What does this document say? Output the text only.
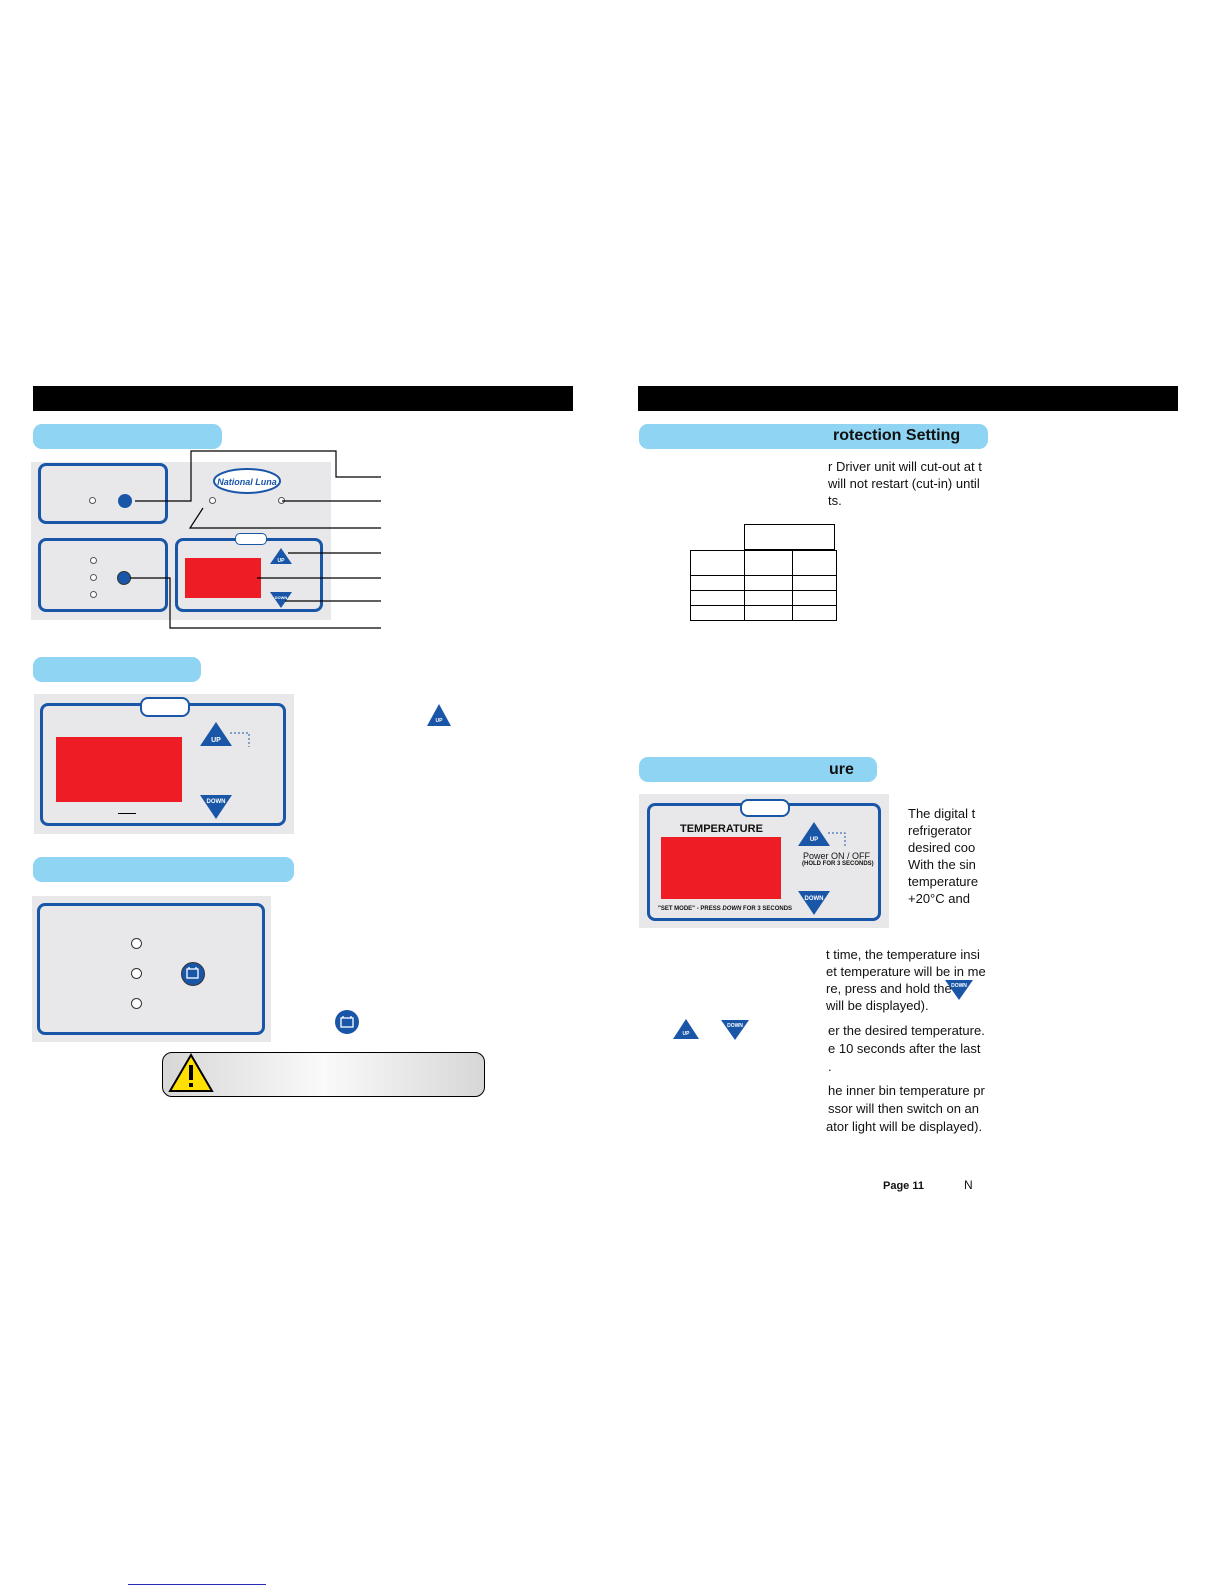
National Luna
UP
DOWN
UP
DOWN
UP
rotection Setting
r Driver unit will cut-out at t
will not restart (cut-in) until
ts.

ure
TEMPERATURE
UP
Power ON / OFF
(HOLD FOR 3 SECONDS)
DOWN
"SET MODE" - PRESS DOWN FOR 3 SECONDS
The digital t
refrigerator
desired coo
With the sin
temperature
+20°C and
t time, the temperature insi
et temperature will be in me
re, press and hold the DOWN
will be displayed).
UP
DOWN	er the desired temperature.
e 10 seconds after the last
.
he inner bin temperature pr
ssor will then switch on an
ator light will be displayed).
Page 11	N
